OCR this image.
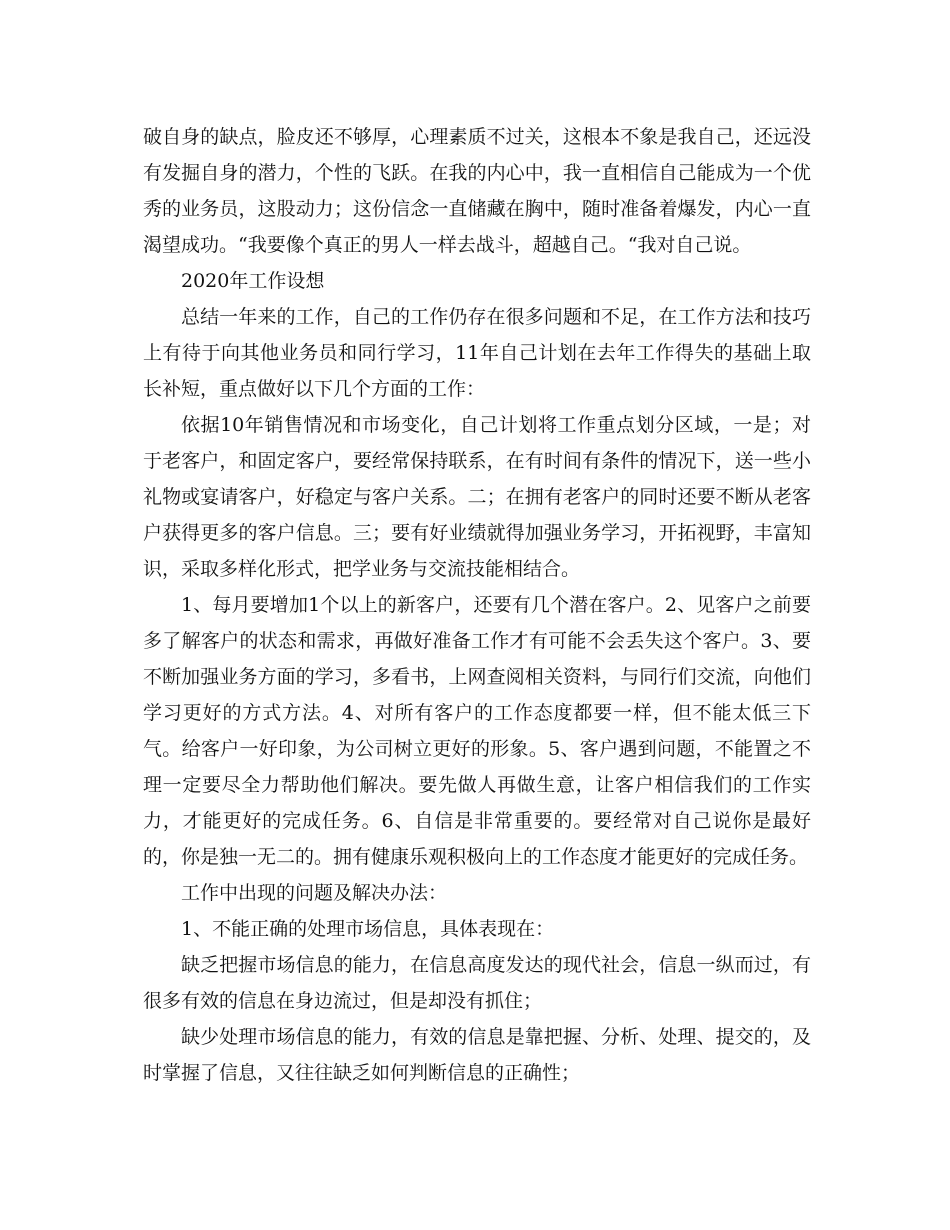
破自身的缺点，脸皮还不够厚，心理素质不过关，这根本不象是我自己，还远没有发掘自身的潜力，个性的飞跃。在我的内心中，我一直相信自己能成为一个优秀的业务员，这股动力；这份信念一直储藏在胸中，随时准备着爆发，内心一直渴望成功。“我要像个真正的男人一样去战斗，超越自己。“我对自己说。

2020年工作设想

总结一年来的工作，自己的工作仍存在很多问题和不足，在工作方法和技巧上有待于向其他业务员和同行学习，11年自己计划在去年工作得失的基础上取长补短，重点做好以下几个方面的工作：

依据10年销售情况和市场变化，自己计划将工作重点划分区域，一是；对于老客户，和固定客户，要经常保持联系，在有时间有条件的情况下，送一些小礼物或宴请客户，好稳定与客户关系。二；在拥有老客户的同时还要不断从老客户获得更多的客户信息。三；要有好业绩就得加强业务学习，开拓视野，丰富知识，采取多样化形式，把学业务与交流技能相结合。

1、每月要增加1个以上的新客户，还要有几个潜在客户。2、见客户之前要多了解客户的状态和需求，再做好准备工作才有可能不会丢失这个客户。3、要不断加强业务方面的学习，多看书，上网查阅相关资料，与同行们交流，向他们学习更好的方式方法。4、对所有客户的工作态度都要一样，但不能太低三下气。给客户一好印象，为公司树立更好的形象。5、客户遇到问题，不能置之不理一定要尽全力帮助他们解决。要先做人再做生意，让客户相信我们的工作实力，才能更好的完成任务。6、自信是非常重要的。要经常对自己说你是最好的，你是独一无二的。拥有健康乐观积极向上的工作态度才能更好的完成任务。

工作中出现的问题及解决办法：

1、不能正确的处理市场信息，具体表现在：

缺乏把握市场信息的能力，在信息高度发达的现代社会，信息一纵而过，有很多有效的信息在身边流过，但是却没有抓住；

缺少处理市场信息的能力，有效的信息是靠把握、分析、处理、提交的，及时掌握了信息，又往往缺乏如何判断信息的正确性；
